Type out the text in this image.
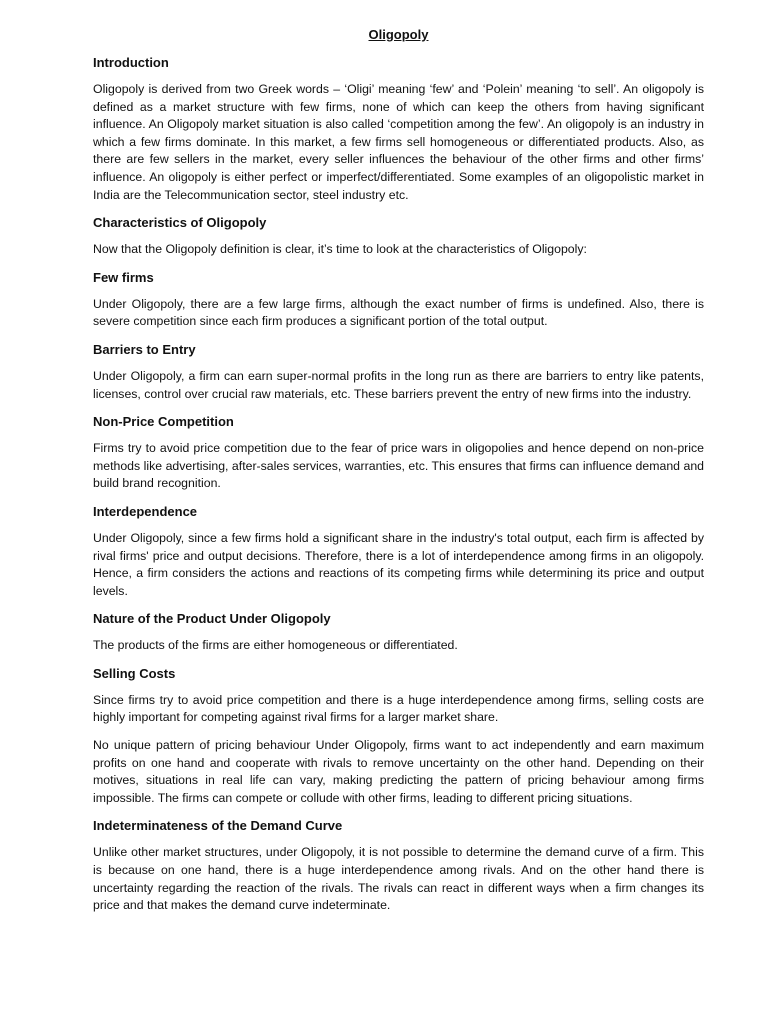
Oligopoly
Introduction

Oligopoly is derived from two Greek words – ‘Oligi’ meaning ‘few’ and ‘Polein’ meaning ‘to sell’. An oligopoly is defined as a market structure with few firms, none of which can keep the others from having significant influence. An Oligopoly market situation is also called ‘competition among the few’. An oligopoly is an industry in which a few firms dominate. In this market, a few firms sell homogeneous or differentiated products. Also, as there are few sellers in the market, every seller influences the behaviour of the other firms and other firms’ influence. An oligopoly is either perfect or imperfect/differentiated. Some examples of an oligopolistic market in India are the Telecommunication sector, steel industry etc.

Characteristics of Oligopoly

Now that the Oligopoly definition is clear, it’s time to look at the characteristics of Oligopoly:

Few firms

Under Oligopoly, there are a few large firms, although the exact number of firms is undefined. Also, there is severe competition since each firm produces a significant portion of the total output.

Barriers to Entry

Under Oligopoly, a firm can earn super-normal profits in the long run as there are barriers to entry like patents, licenses, control over crucial raw materials, etc. These barriers prevent the entry of new firms into the industry.

Non-Price Competition

Firms try to avoid price competition due to the fear of price wars in oligopolies and hence depend on non-price methods like advertising, after-sales services, warranties, etc. This ensures that firms can influence demand and build brand recognition.

Interdependence

Under Oligopoly, since a few firms hold a significant share in the industry's total output, each firm is affected by rival firms' price and output decisions. Therefore, there is a lot of interdependence among firms in an oligopoly. Hence, a firm considers the actions and reactions of its competing firms while determining its price and output levels.

Nature of the Product Under Oligopoly

The products of the firms are either homogeneous or differentiated.

Selling Costs

Since firms try to avoid price competition and there is a huge interdependence among firms, selling costs are highly important for competing against rival firms for a larger market share.

No unique pattern of pricing behaviour Under Oligopoly, firms want to act independently and earn maximum profits on one hand and cooperate with rivals to remove uncertainty on the other hand. Depending on their motives, situations in real life can vary, making predicting the pattern of pricing behaviour among firms impossible. The firms can compete or collude with other firms, leading to different pricing situations.

Indeterminateness of the Demand Curve

Unlike other market structures, under Oligopoly, it is not possible to determine the demand curve of a firm. This is because on one hand, there is a huge interdependence among rivals. And on the other hand there is uncertainty regarding the reaction of the rivals. The rivals can react in different ways when a firm changes its price and that makes the demand curve indeterminate.
